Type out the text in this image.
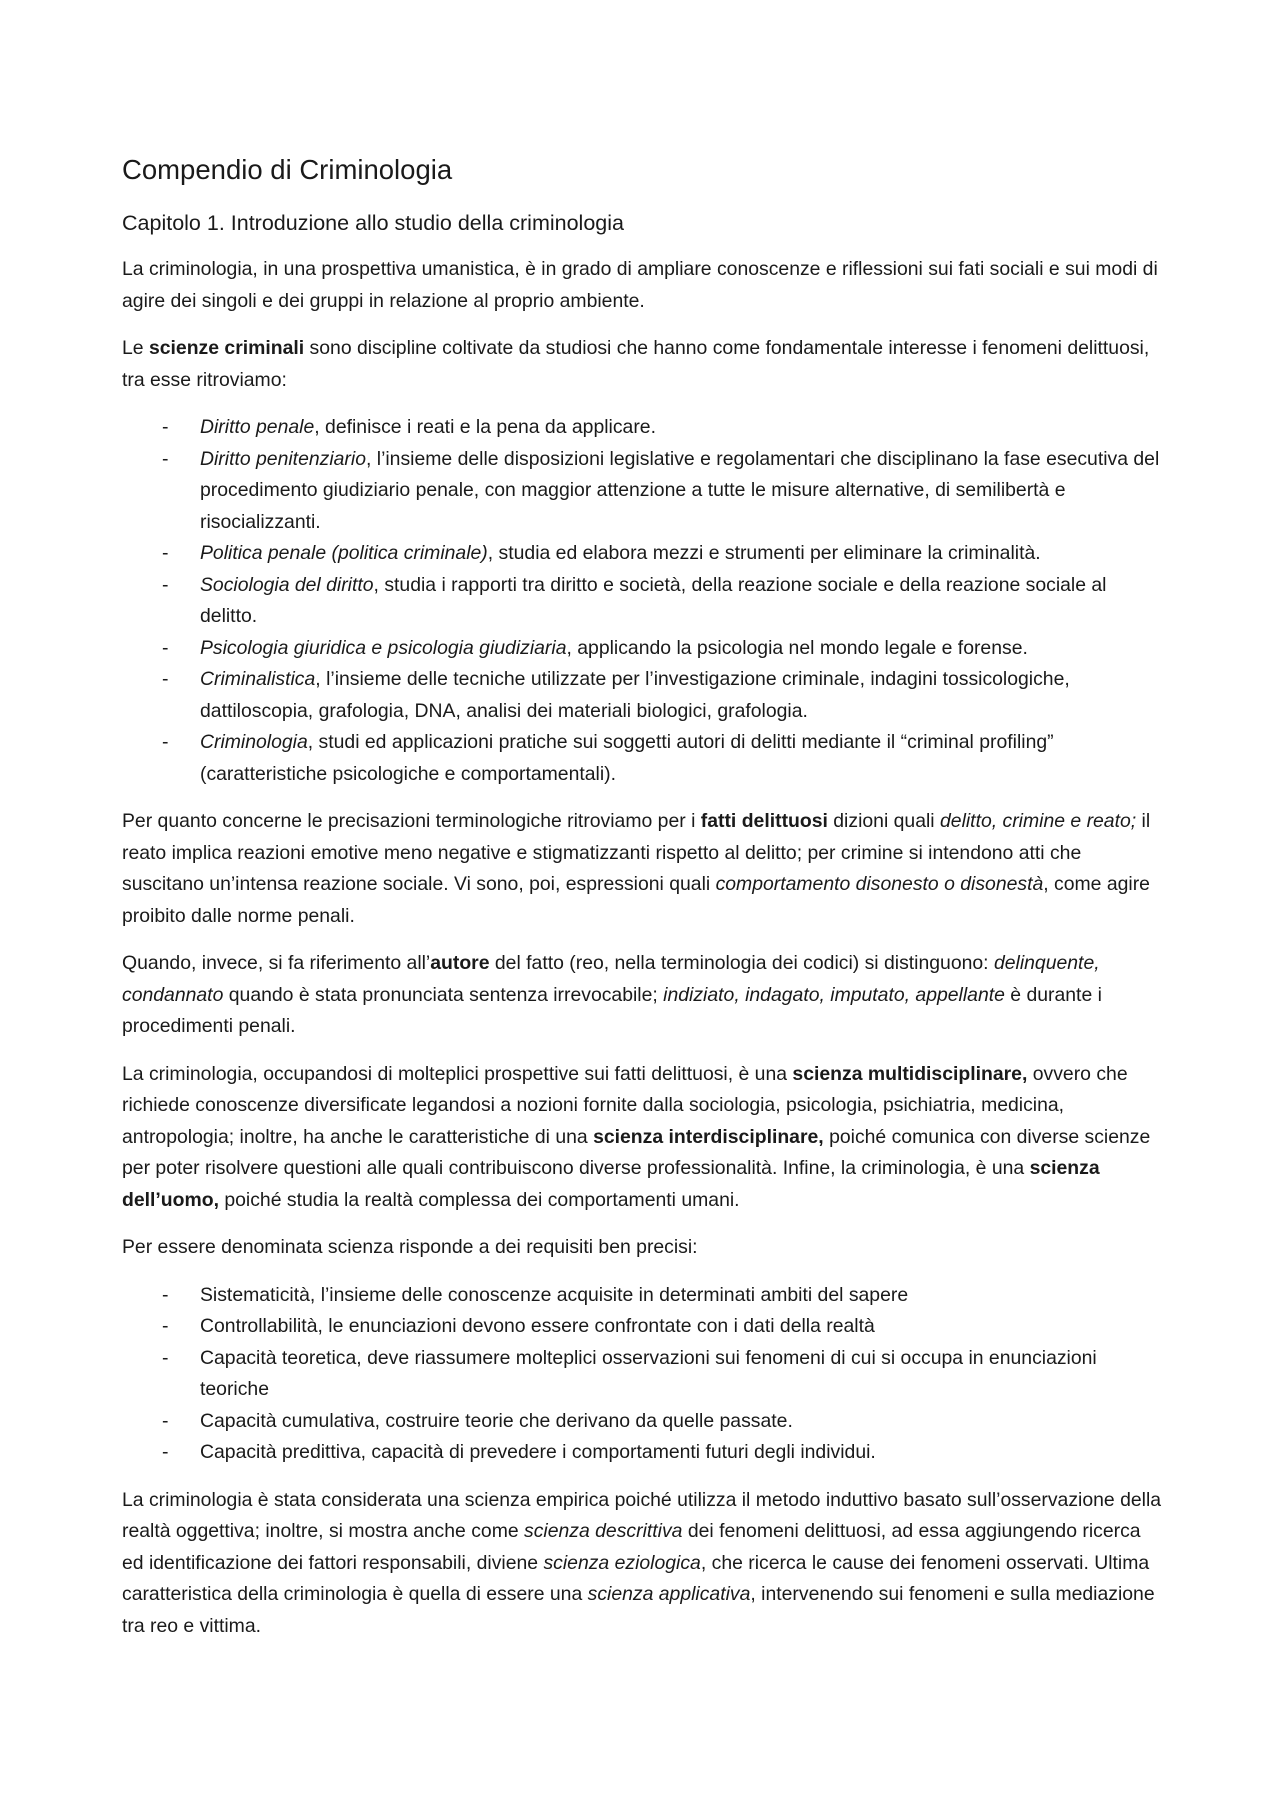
Compendio di Criminologia
Capitolo 1. Introduzione allo studio della criminologia

La criminologia, in una prospettiva umanistica, è in grado di ampliare conoscenze e riflessioni sui fati sociali e sui modi di agire dei singoli e dei gruppi in relazione al proprio ambiente.

Le scienze criminali sono discipline coltivate da studiosi che hanno come fondamentale interesse i fenomeni delittuosi, tra esse ritroviamo:

- Diritto penale, definisce i reati e la pena da applicare.
- Diritto penitenziario, l’insieme delle disposizioni legislative e regolamentari che disciplinano la fase esecutiva del procedimento giudiziario penale, con maggior attenzione a tutte le misure alternative, di semilibertà e risocializzanti.
- Politica penale (politica criminale), studia ed elabora mezzi e strumenti per eliminare la criminalità.
- Sociologia del diritto, studia i rapporti tra diritto e società, della reazione sociale e della reazione sociale al delitto.
- Psicologia giuridica e psicologia giudiziaria, applicando la psicologia nel mondo legale e forense.
- Criminalistica, l’insieme delle tecniche utilizzate per l’investigazione criminale, indagini tossicologiche, dattiloscopia, grafologia, DNA, analisi dei materiali biologici, grafologia.
- Criminologia, studi ed applicazioni pratiche sui soggetti autori di delitti mediante il “criminal profiling” (caratteristiche psicologiche e comportamentali).

Per quanto concerne le precisazioni terminologiche ritroviamo per i fatti delittuosi dizioni quali delitto, crimine e reato; il reato implica reazioni emotive meno negative e stigmatizzanti rispetto al delitto; per crimine si intendono atti che suscitano un’intensa reazione sociale. Vi sono, poi, espressioni quali comportamento disonesto o disonestà, come agire proibito dalle norme penali.

Quando, invece, si fa riferimento all’autore del fatto (reo, nella terminologia dei codici) si distinguono: delinquente, condannato quando è stata pronunciata sentenza irrevocabile; indiziato, indagato, imputato, appellante è durante i procedimenti penali.

La criminologia, occupandosi di molteplici prospettive sui fatti delittuosi, è una scienza multidisciplinare, ovvero che richiede conoscenze diversificate legandosi a nozioni fornite dalla sociologia, psicologia, psichiatria, medicina, antropologia; inoltre, ha anche le caratteristiche di una scienza interdisciplinare, poiché comunica con diverse scienze per poter risolvere questioni alle quali contribuiscono diverse professionalità. Infine, la criminologia, è una scienza dell’uomo, poiché studia la realtà complessa dei comportamenti umani.

Per essere denominata scienza risponde a dei requisiti ben precisi:

- Sistematicità, l’insieme delle conoscenze acquisite in determinati ambiti del sapere
- Controllabilità, le enunciazioni devono essere confrontate con i dati della realtà
- Capacità teoretica, deve riassumere molteplici osservazioni sui fenomeni di cui si occupa in enunciazioni teoriche
- Capacità cumulativa, costruire teorie che derivano da quelle passate.
- Capacità predittiva, capacità di prevedere i comportamenti futuri degli individui.

La criminologia è stata considerata una scienza empirica poiché utilizza il metodo induttivo basato sull’osservazione della realtà oggettiva; inoltre, si mostra anche come scienza descrittiva dei fenomeni delittuosi, ad essa aggiungendo ricerca ed identificazione dei fattori responsabili, diviene scienza eziologica, che ricerca le cause dei fenomeni osservati. Ultima caratteristica della criminologia è quella di essere una scienza applicativa, intervenendo sui fenomeni e sulla mediazione tra reo e vittima.
